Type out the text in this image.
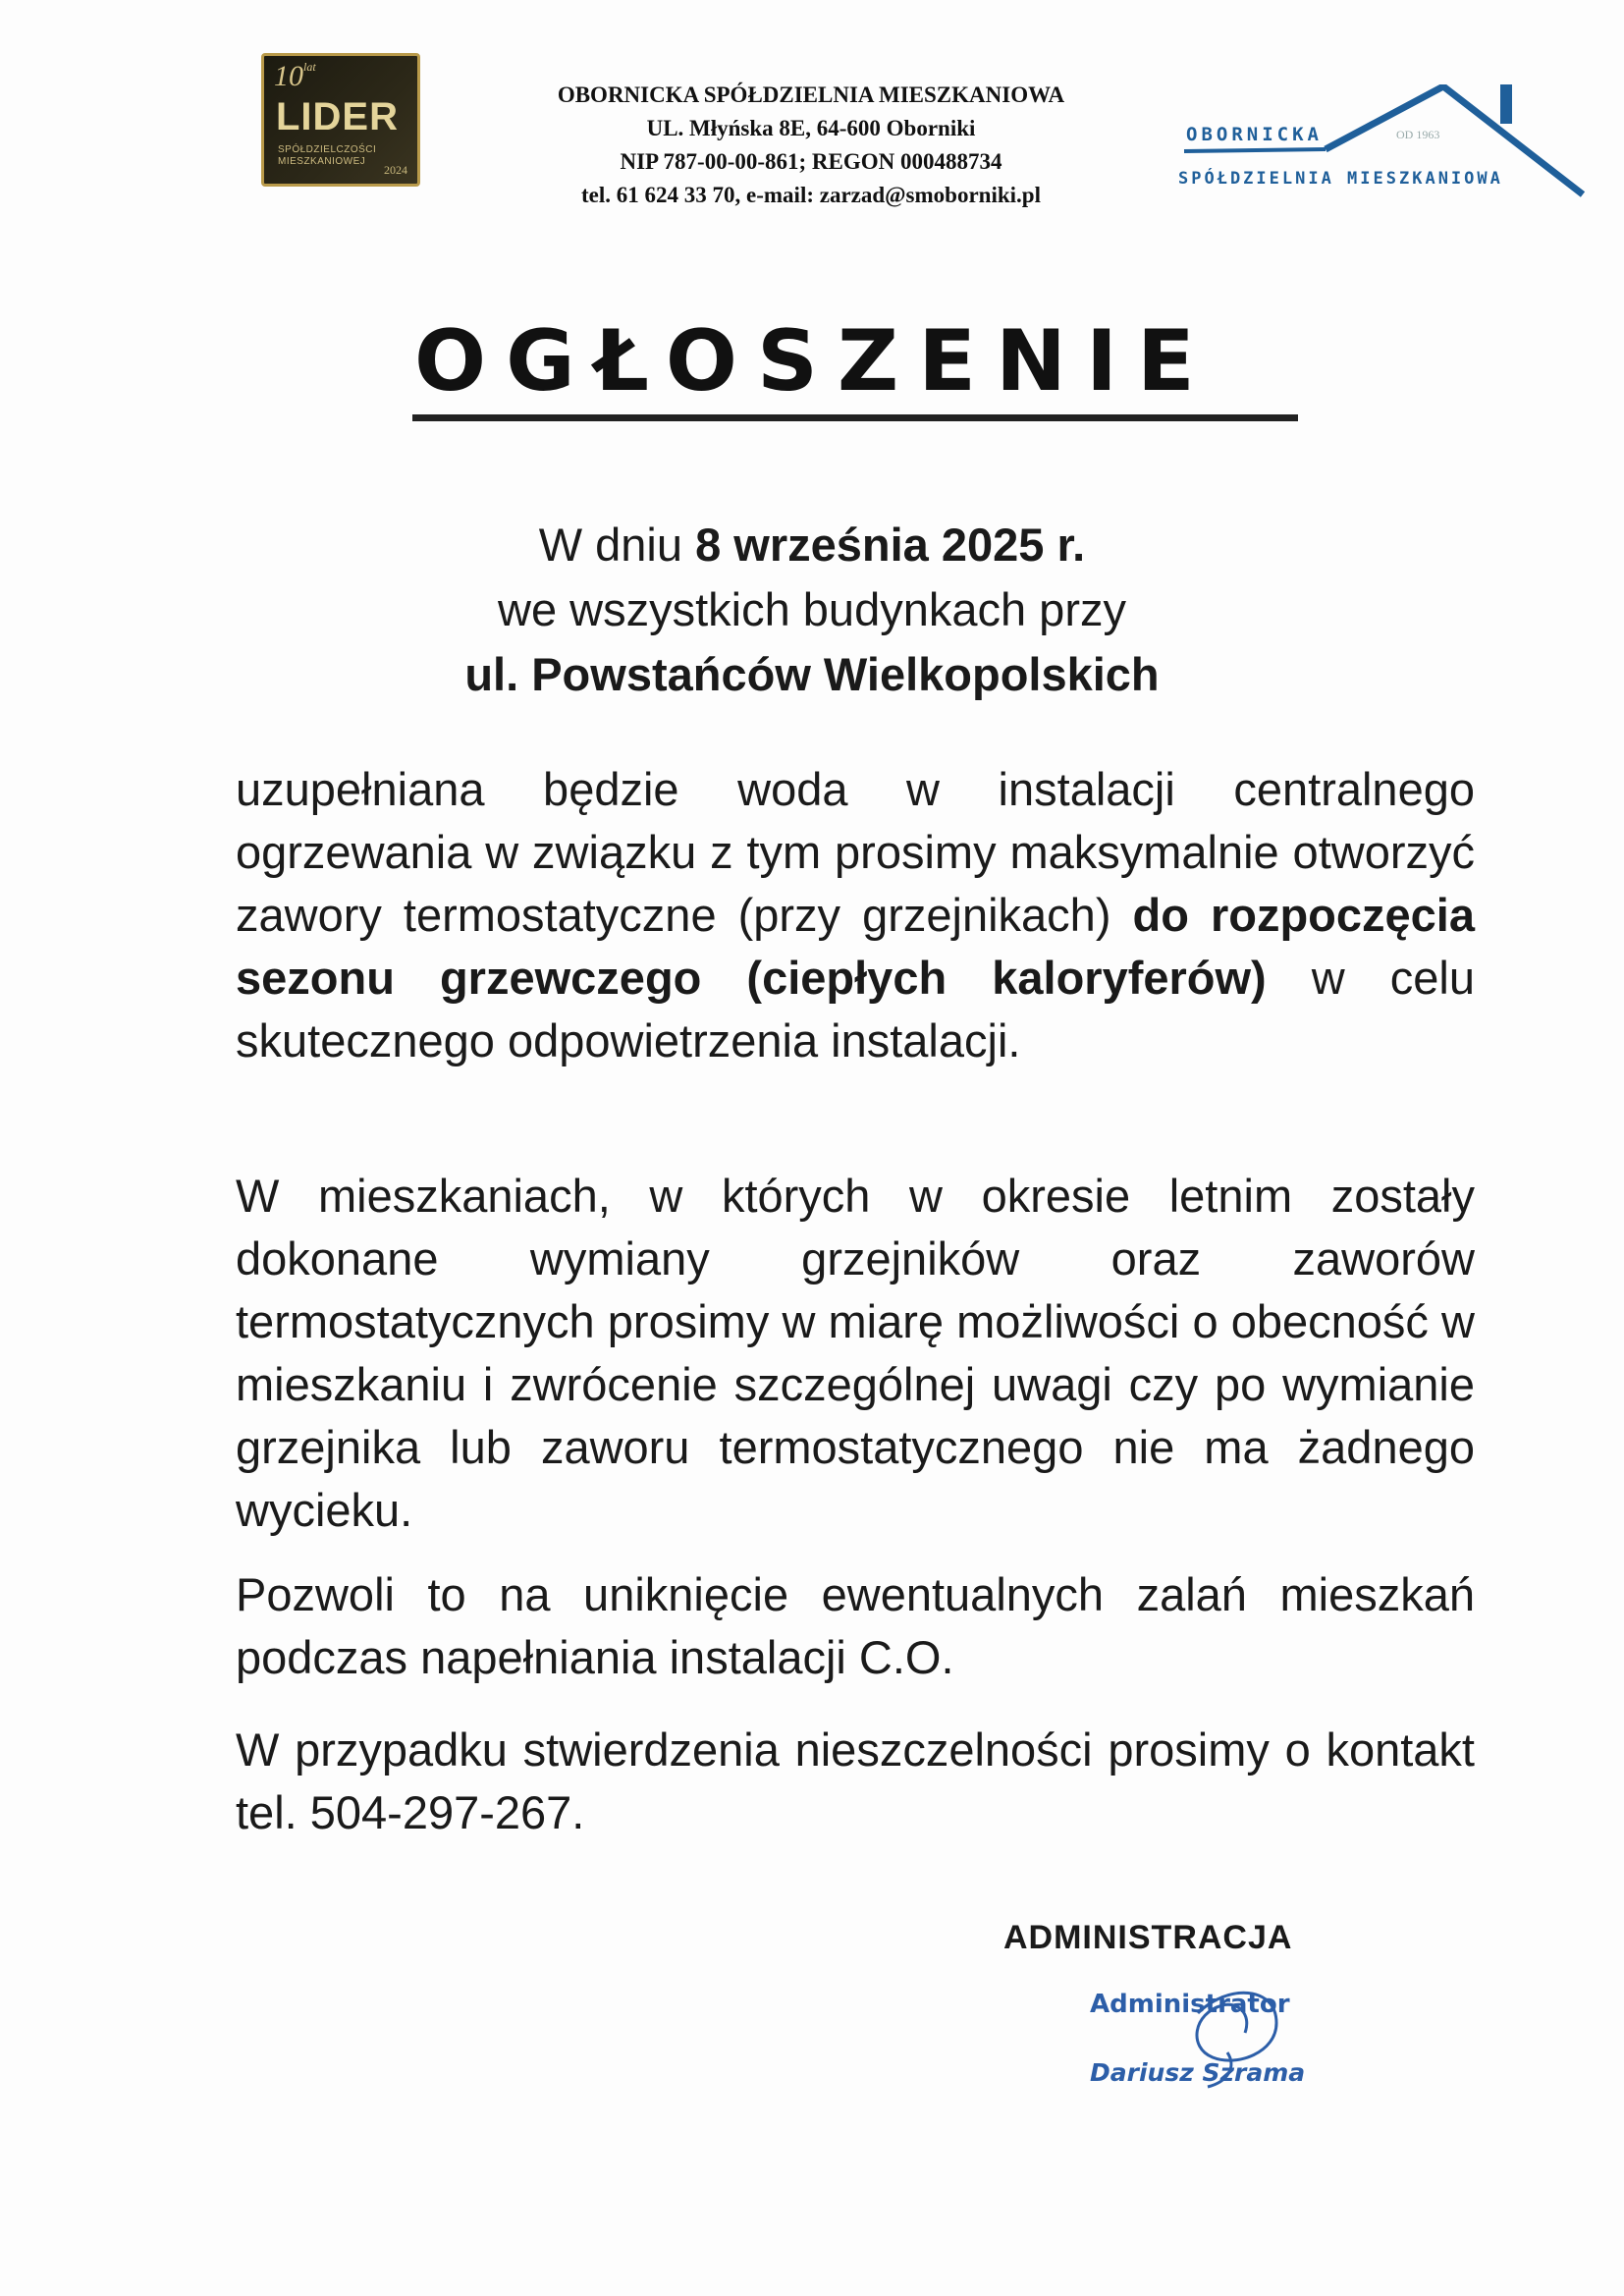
$10^{lat}$
LIDER
SPÓŁDZIELCZOŚCI MIESZKANIOWEJ
2024
OBORNICKA SPÓŁDZIELNIA MIESZKANIOWA
UL. Młyńska 8E, 64-600 Oborniki
NIP 787-00-00-861; REGON 000488734
tel. 61 624 33 70, e-mail: zarzad@smoborniki.pl
OBORNICKA	OD 1963
SPÓŁDZIELNIA MIESZKANIOWA
OGŁOSZENIE
W dniu 8 września 2025 r.
we wszystkich budynkach przy
ul. Powstańców Wielkopolskich
uzupełniana będzie woda w instalacji centralnego ogrzewania w związku z tym prosimy maksymalnie otworzyć zawory termostatyczne (przy grzejnikach) do rozpoczęcia sezonu grzewczego (ciepłych kaloryferów) w celu skutecznego odpowietrzenia instalacji.
W mieszkaniach, w których w okresie letnim zostały dokonane wymiany grzejników oraz zaworów termostatycznych prosimy w miarę możliwości o obecność w mieszkaniu i zwrócenie szczególnej uwagi czy po wymianie grzejnika lub zaworu termostatycznego nie ma żadnego wycieku.
Pozwoli to na uniknięcie ewentualnych zalań mieszkań podczas napełniania instalacji C.O.
W przypadku stwierdzenia nieszczelności prosimy o kontakt tel. 504-297-267.
ADMINISTRACJA
Administrator
Dariusz Szrama
